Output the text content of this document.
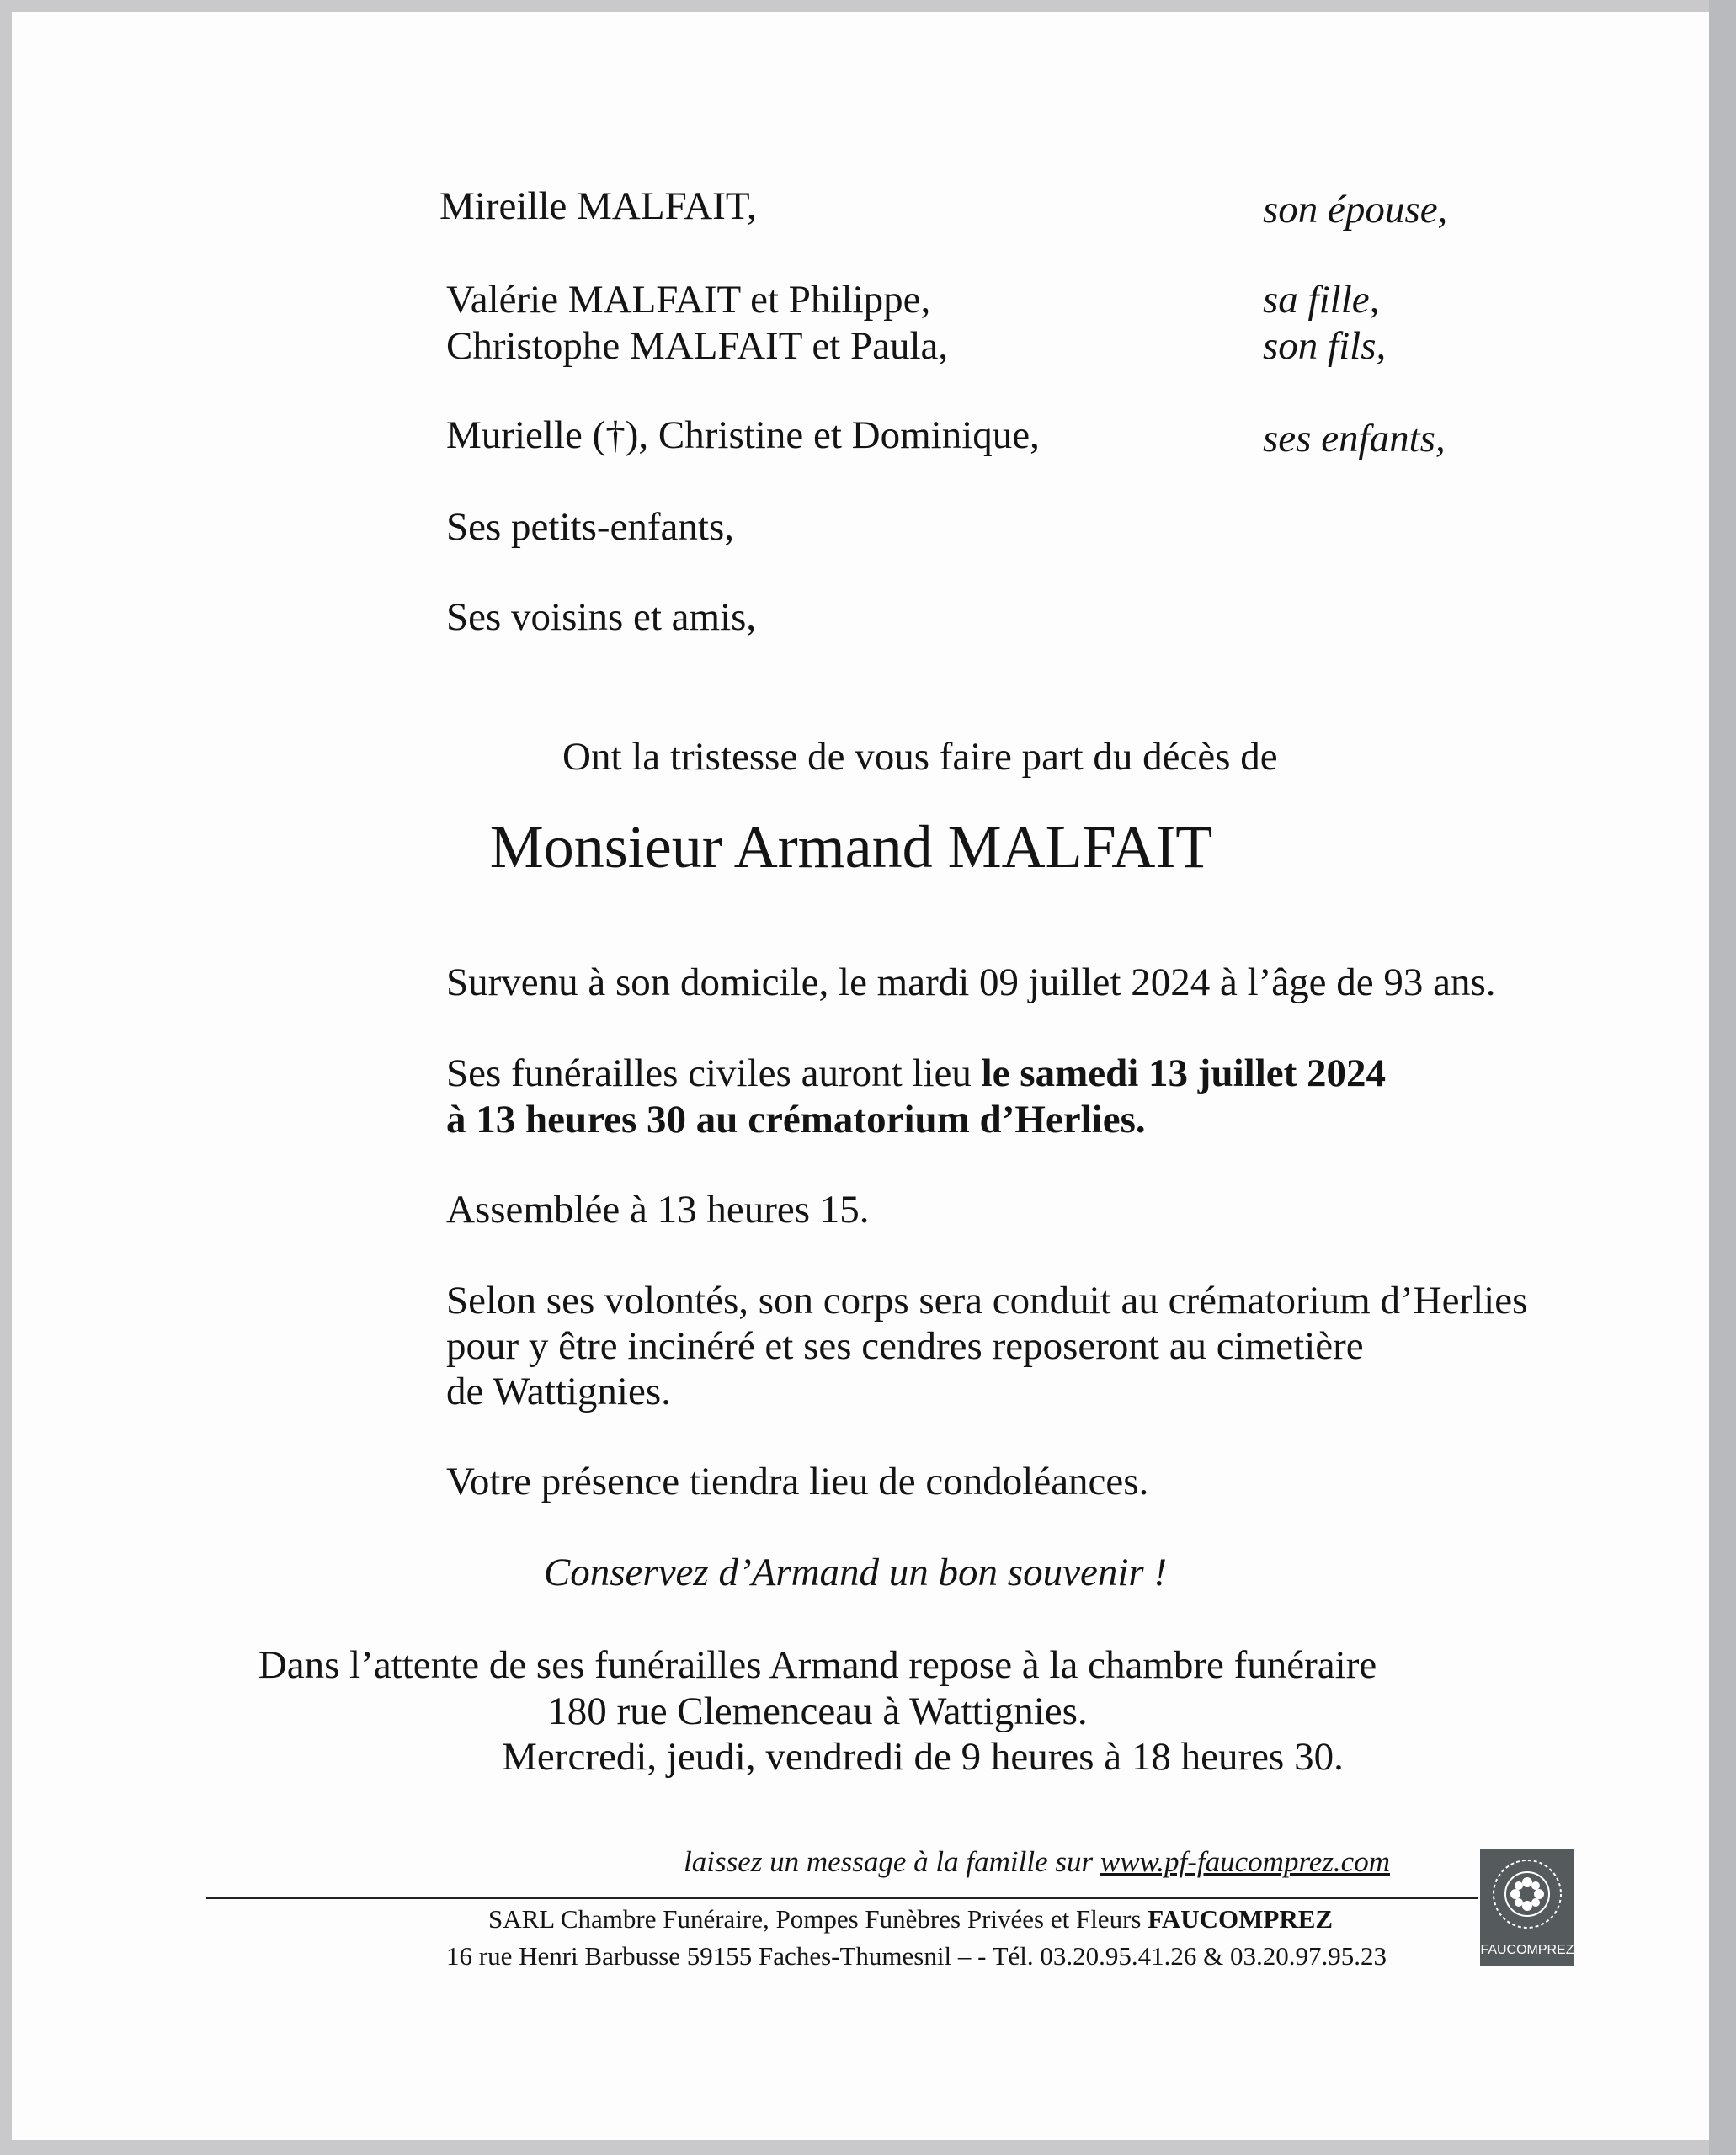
Mireille MALFAIT,	son épouse,
Valérie MALFAIT et Philippe,	sa fille,
Christophe MALFAIT et Paula,	son fils,
Murielle (†), Christine et Dominique,	ses enfants,
Ses petits-enfants,
Ses voisins et amis,
Ont la tristesse de vous faire part du décès de
Monsieur Armand MALFAIT
Survenu à son domicile, le mardi 09 juillet 2024 à l’âge de 93 ans.
Ses funérailles civiles auront lieu le samedi 13 juillet 2024
à 13 heures 30 au crématorium d’Herlies.
Assemblée à 13 heures 15.
Selon ses volontés, son corps sera conduit au crématorium d’Herlies
pour y être incinéré et ses cendres reposeront au cimetière
de Wattignies.
Votre présence tiendra lieu de condoléances.
Conservez d’Armand un bon souvenir !
Dans l’attente de ses funérailles Armand repose à la chambre funéraire
180 rue Clemenceau à Wattignies.
Mercredi, jeudi, vendredi de 9 heures à 18 heures 30.
laissez un message à la famille sur www.pf-faucomprez.com
SARL Chambre Funéraire, Pompes Funèbres Privées et Fleurs FAUCOMPREZ
16 rue Henri Barbusse 59155 Faches-Thumesnil – - Tél. 03.20.95.41.26 & 03.20.97.95.23	FAUCOMPREZ
